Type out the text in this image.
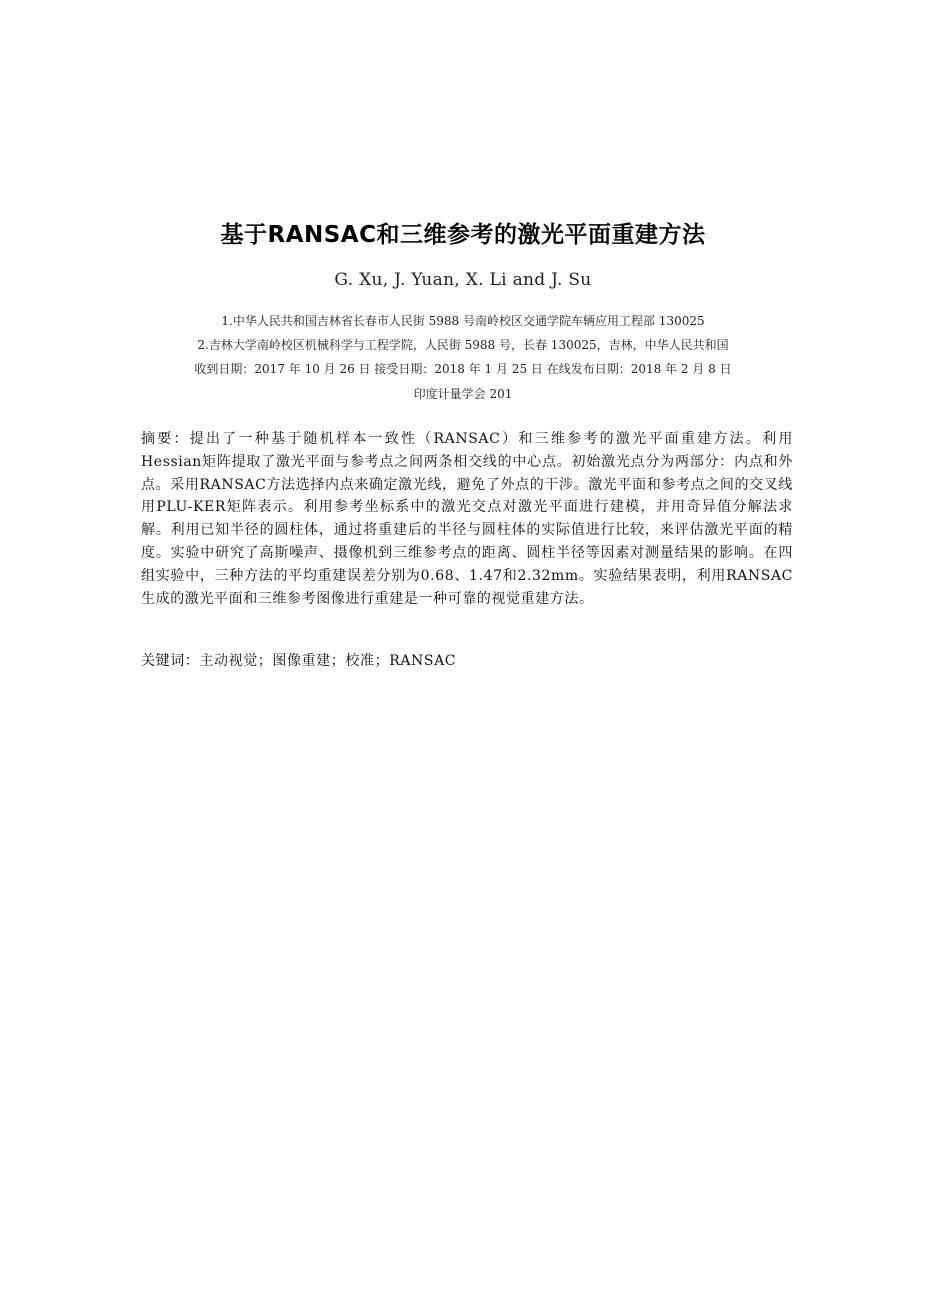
基于RANSAC和三维参考的激光平面重建方法
G. Xu, J. Yuan, X. Li and J. Su
1.中华人民共和国吉林省长春市人民街 5988 号南岭校区交通学院车辆应用工程部 130025
2.吉林大学南岭校区机械科学与工程学院，人民街 5988 号，长春 130025，吉林，中华人民共和国
收到日期：2017 年 10 月 26 日 接受日期：2018 年 1 月 25 日 在线发布日期：2018 年 2 月 8 日
印度计量学会 201
摘要：提出了一种基于随机样本一致性（RANSAC）和三维参考的激光平面重建方法。利用Hessian矩阵提取了激光平面与参考点之间两条相交线的中心点。初始激光点分为两部分：内点和外点。采用RANSAC方法选择内点来确定激光线，避免了外点的干涉。激光平面和参考点之间的交叉线用PLU-KER矩阵表示。利用参考坐标系中的激光交点对激光平面进行建模，并用奇异值分解法求解。利用已知半径的圆柱体，通过将重建后的半径与圆柱体的实际值进行比较，来评估激光平面的精度。实验中研究了高斯噪声、摄像机到三维参考点的距离、圆柱半径等因素对测量结果的影响。在四组实验中，三种方法的平均重建误差分别为0.68、1.47和2.32mm。实验结果表明，利用RANSAC生成的激光平面和三维参考图像进行重建是一种可靠的视觉重建方法。
关键词：主动视觉；图像重建；校准；RANSAC
